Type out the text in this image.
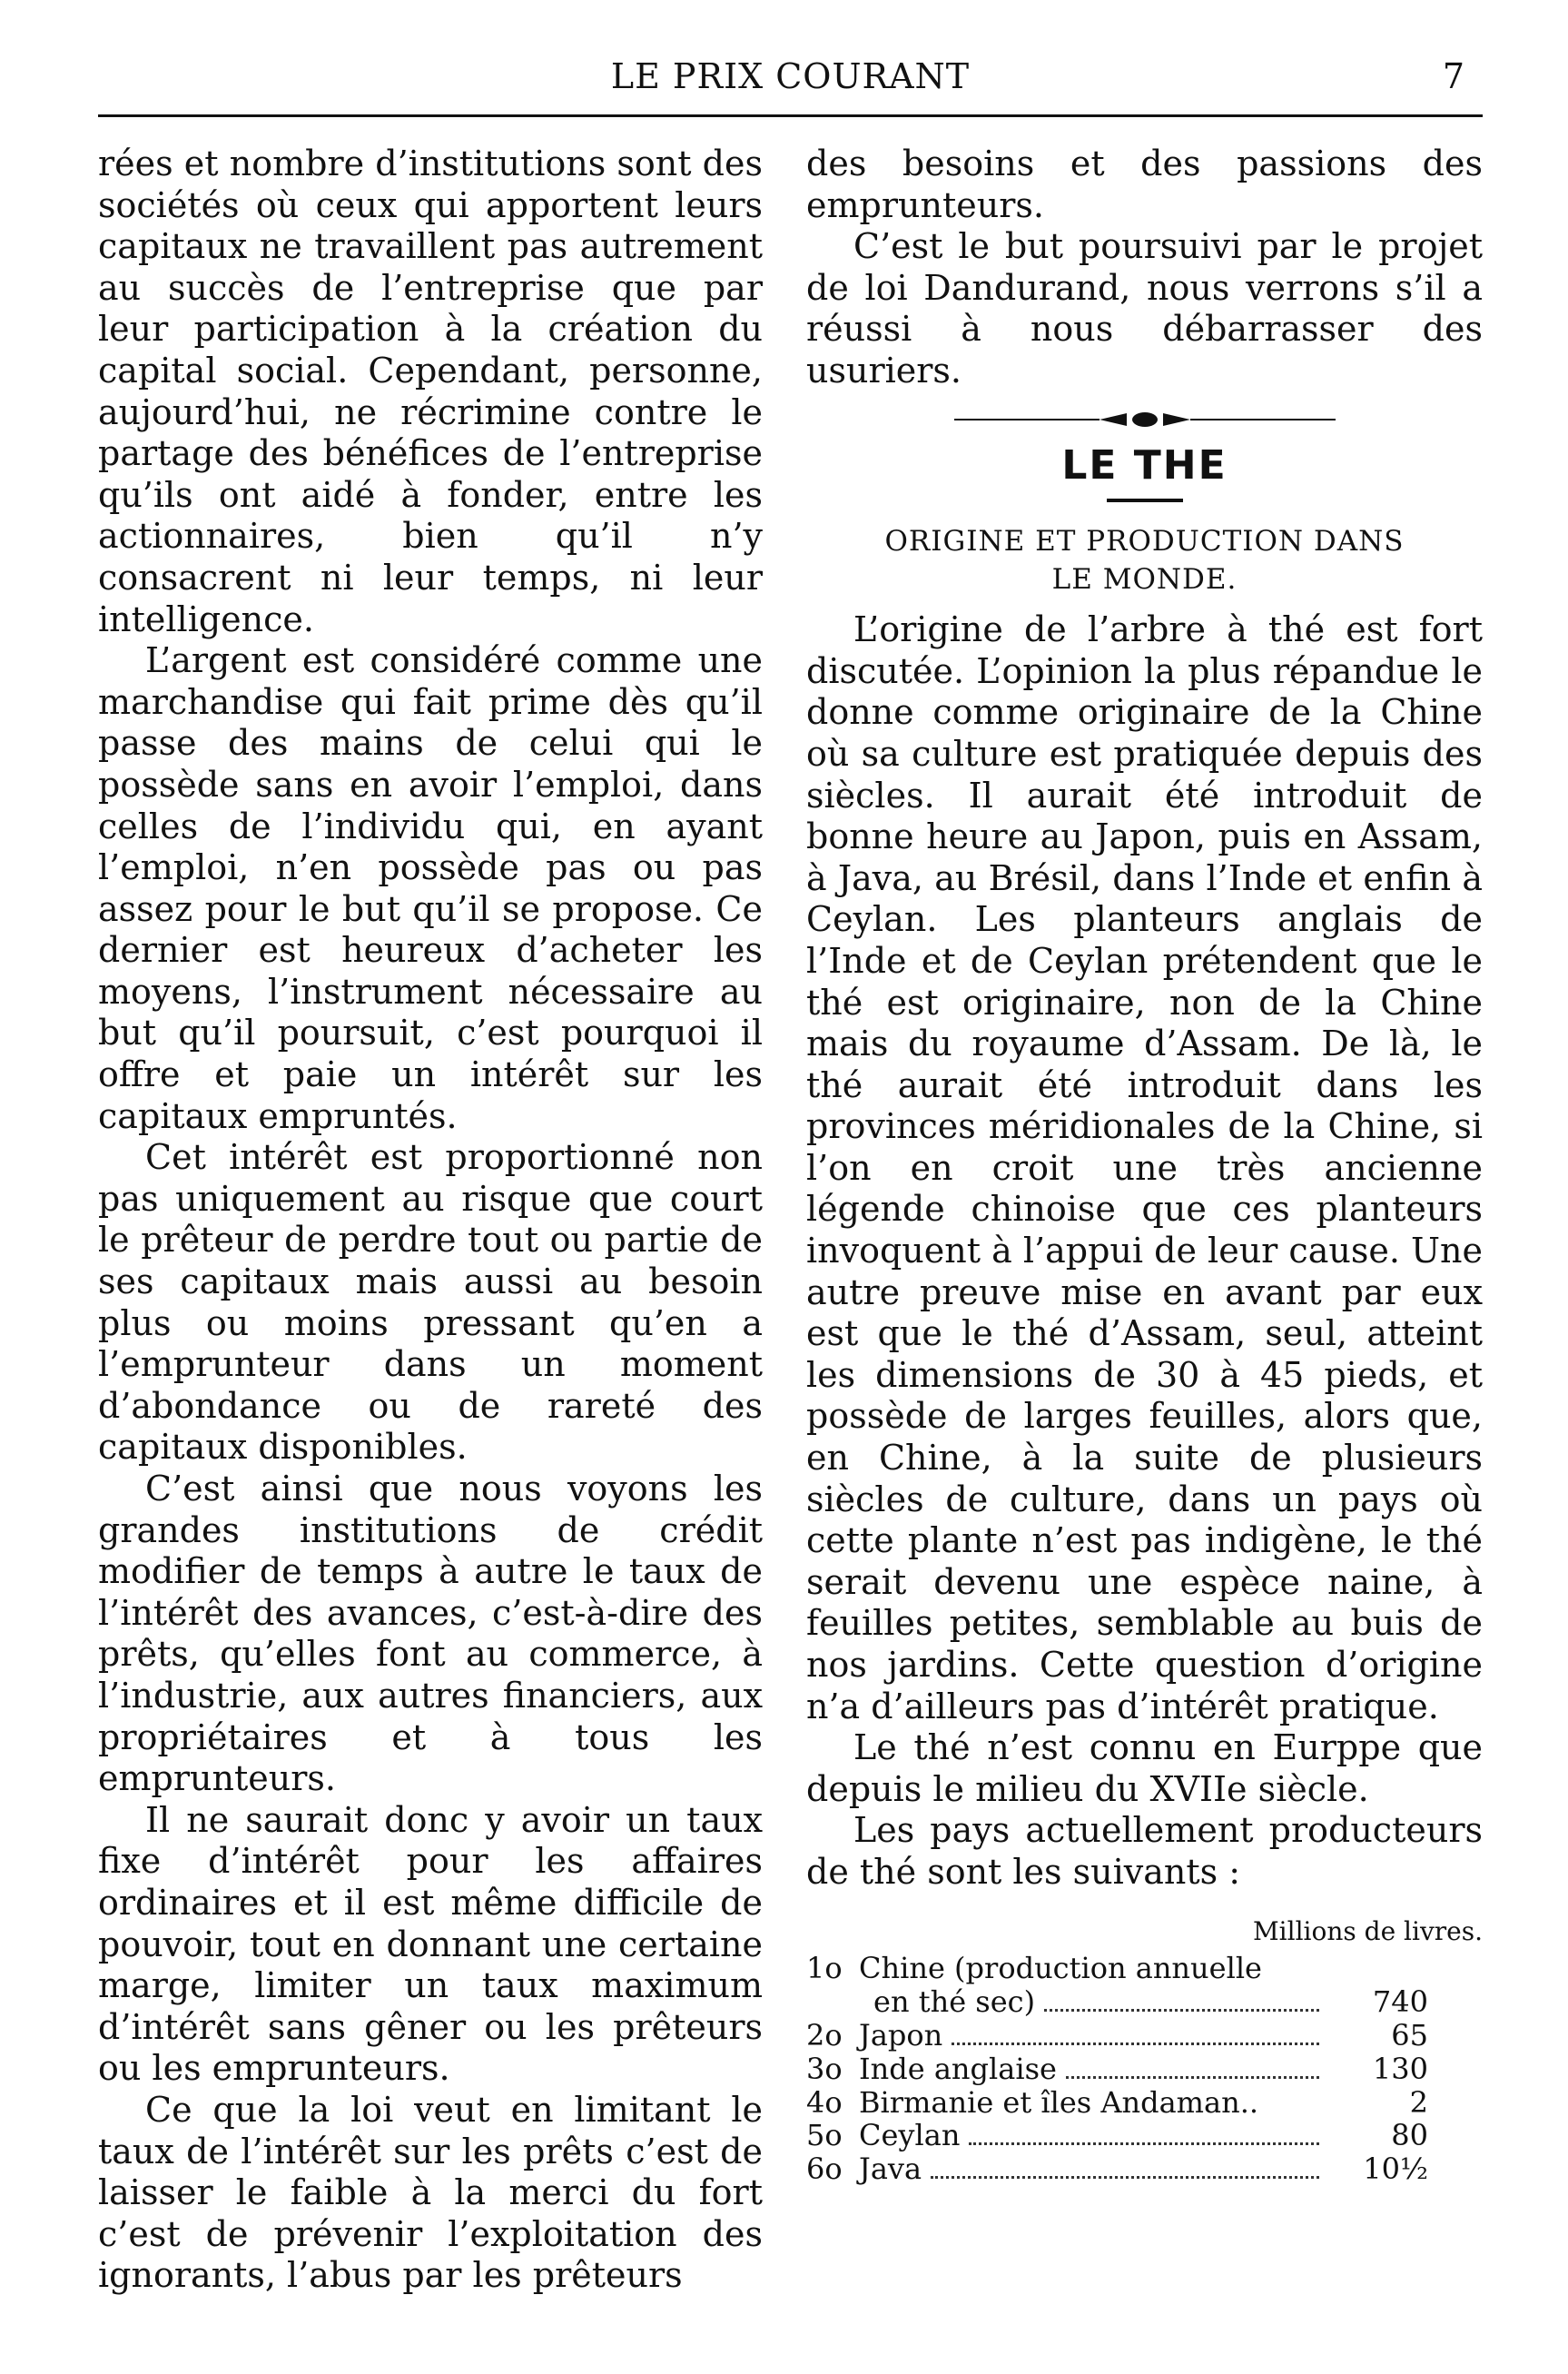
LE PRIX COURANT	7

rées et nombre d’institutions sont des sociétés où ceux qui apportent leurs capitaux ne travaillent pas autrement au succès de l’entreprise que par leur participation à la création du capital social. Cependant, personne, aujourd’hui, ne récrimine contre le partage des bénéfices de l’entreprise qu’ils ont aidé à fonder, entre les actionnaires, bien qu’il n’y consacrent ni leur temps, ni leur intelligence.

L’argent est considéré comme une marchandise qui fait prime dès qu’il passe des mains de celui qui le possède sans en avoir l’emploi, dans celles de l’individu qui, en ayant l’emploi, n’en possède pas ou pas assez pour le but qu’il se propose. Ce dernier est heureux d’acheter les moyens, l’instrument nécessaire au but qu’il poursuit, c’est pourquoi il offre et paie un intérêt sur les capitaux empruntés.

Cet intérêt est proportionné non pas uniquement au risque que court le prêteur de perdre tout ou partie de ses capitaux mais aussi au besoin plus ou moins pressant qu’en a l’emprunteur dans un moment d’abondance ou de rareté des capitaux disponibles.

C’est ainsi que nous voyons les grandes institutions de crédit modifier de temps à autre le taux de l’intérêt des avances, c’est-à-dire des prêts, qu’elles font au commerce, à l’industrie, aux autres financiers, aux propriétaires et à tous les emprunteurs.

Il ne saurait donc y avoir un taux fixe d’intérêt pour les affaires ordinaires et il est même difficile de pouvoir, tout en donnant une certaine marge, limiter un taux maximum d’intérêt sans gêner ou les prêteurs ou les emprunteurs.

Ce que la loi veut en limitant le taux de l’intérêt sur les prêts c’est de laisser le faible à la merci du fort c’est de prévenir l’exploitation des ignorants, l’abus par les prêteurs

des besoins et des passions des emprunteurs.

C’est le but poursuivi par le projet de loi Dandurand, nous verrons s’il a réussi à nous débarrasser des usuriers.

LE THE
ORIGINE ET PRODUCTION DANS
LE MONDE.

L’origine de l’arbre à thé est fort discutée. L’opinion la plus répandue le donne comme originaire de la Chine où sa culture est pratiquée depuis des siècles. Il aurait été introduit de bonne heure au Japon, puis en Assam, à Java, au Brésil, dans l’Inde et enfin à Ceylan. Les planteurs anglais de l’Inde et de Ceylan prétendent que le thé est originaire, non de la Chine mais du royaume d’Assam. De là, le thé aurait été introduit dans les provinces méridionales de la Chine, si l’on en croit une très ancienne légende chinoise que ces planteurs invoquent à l’appui de leur cause. Une autre preuve mise en avant par eux est que le thé d’Assam, seul, atteint les dimensions de 30 à 45 pieds, et possède de larges feuilles, alors que, en Chine, à la suite de plusieurs siècles de culture, dans un pays où cette plante n’est pas indigène, le thé serait devenu une espèce naine, à feuilles petites, semblable au buis de nos jardins. Cette question d’origine n’a d’ailleurs pas d’intérêt pratique.

Le thé n’est connu en Eurppe que depuis le milieu du XVIIe siècle.

Les pays actuellement producteurs de thé sont les suivants :

Millions de livres.
1o Chine (production annuelle
en thé sec)	740
2o Japon	65
3o Inde anglaise	130
4o Birmanie et îles Andaman..	2
5o Ceylan	80
6o Java	10½
